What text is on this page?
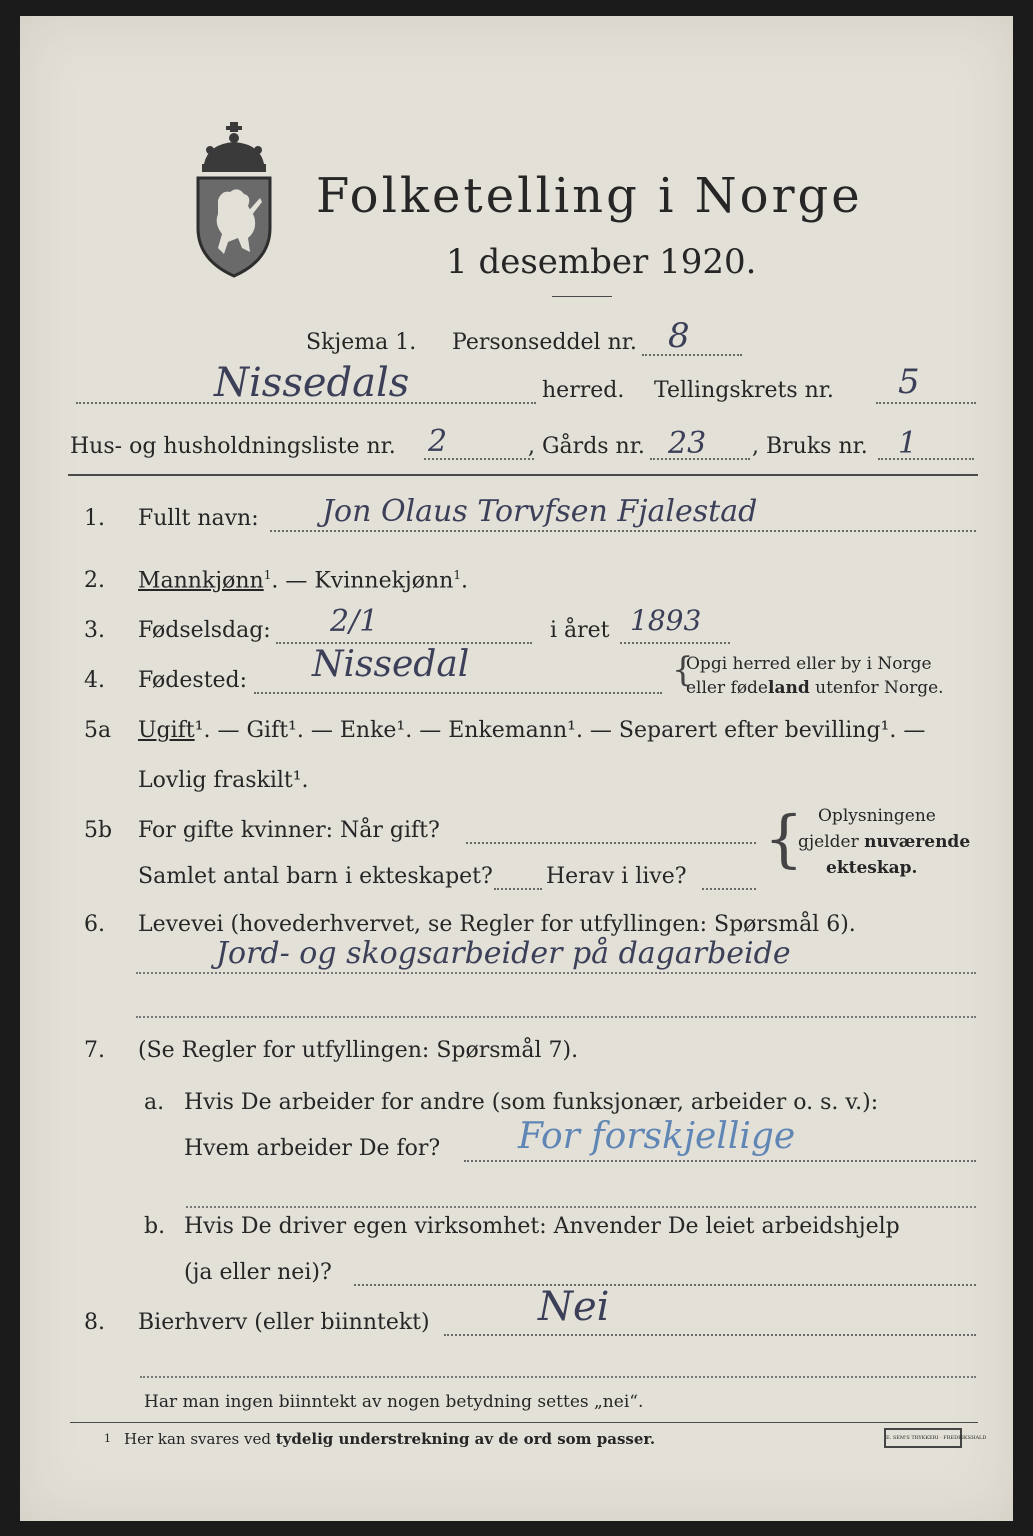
Folketelling i Norge
1 desember 1920.
Skjema 1. Personseddel nr. 8
Nissedals	herred. Tellingskrets nr. 5
Hus- og husholdningsliste nr. 2	, Gårds nr. 23 , Bruks nr. 1
1. Fullt navn: Jon Olaus Torvfsen Fjalestad
2. Mannkjønn$^1$. — Kvinnekjønn$^1$.
3. Fødselsdag: 2/1	i året 1893
4. Fødested: Nissedal	{
Opgi herred eller by i Norge
eller fødeland utenfor Norge.
5a Ugift¹. — Gift¹. — Enke¹. — Enkemann¹. — Separert efter bevilling¹. —
Lovlig fraskilt¹.
5b For gifte kvinner: Når gift?
Samlet antal barn i ekteskapet? Herav i live?
{ Oplysningene
gjelder nuværende
ekteskap.
6. Levevei (hovederhvervet, se Regler for utfyllingen: Spørsmål 6).
Jord- og skogsarbeider på dagarbeide
7. (Se Regler for utfyllingen: Spørsmål 7).
a. Hvis De arbeider for andre (som funksjonær, arbeider o. s. v.):
Hvem arbeider De for? For forskjellige
b. Hvis De driver egen virksomhet: Anvender De leiet arbeidshjelp
(ja eller nei)?
8. Bierhverv (eller biinntekt)	Nei
Har man ingen biinntekt av nogen betydning settes „nei“.
1 Her kan svares ved tydelig understrekning av de ord som passer.	E. SEM'S TRYKKERI · FREDRIKSHALD
